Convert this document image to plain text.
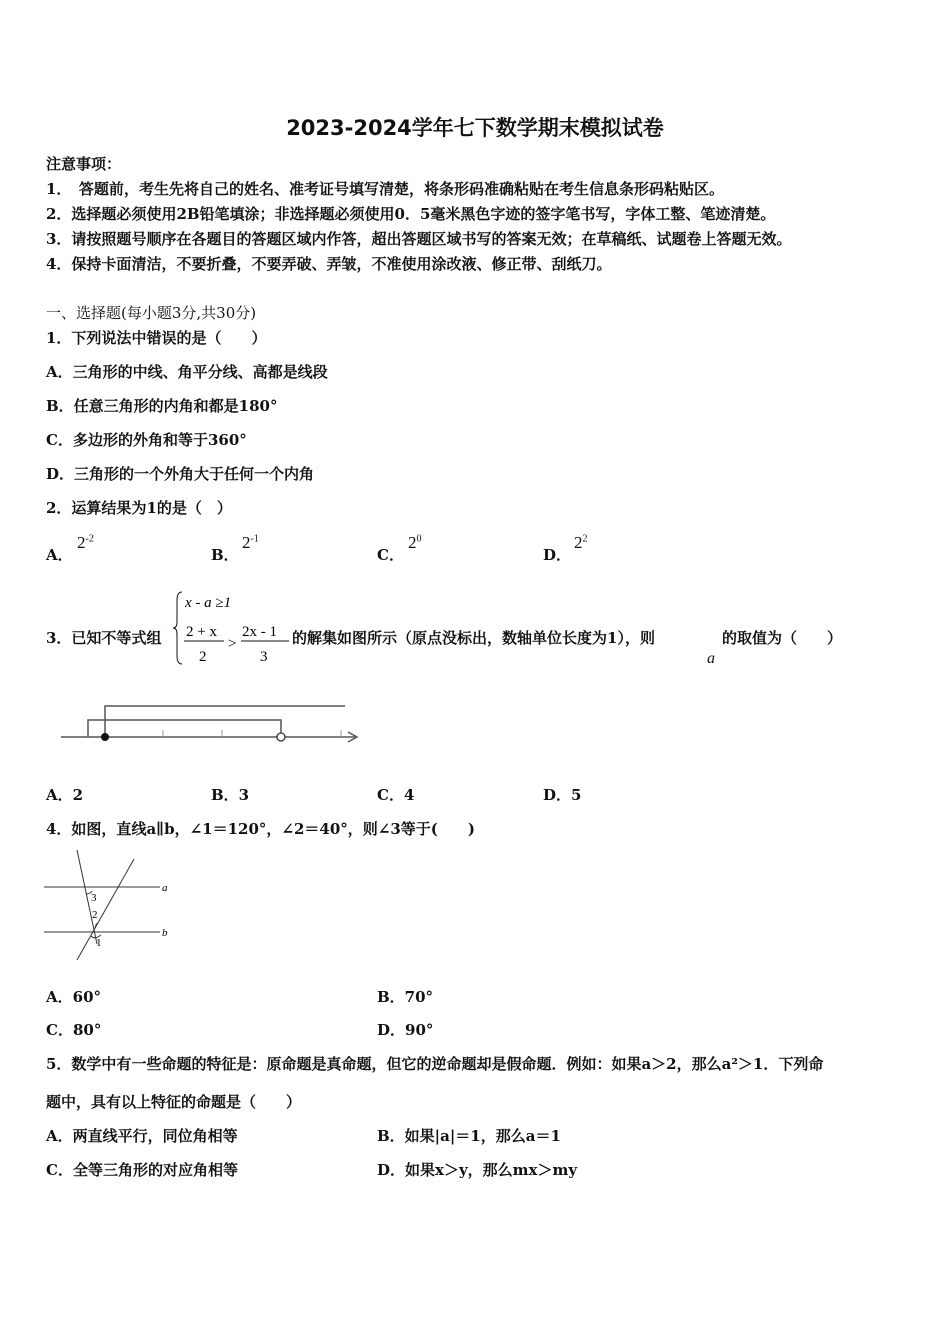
2023-2024学年七下数学期末模拟试卷
注意事项：
1．　答题前，考生先将自己的姓名、准考证号填写清楚，将条形码准确粘贴在考生信息条形码粘贴区。
2．选择题必须使用2B铅笔填涂；非选择题必须使用0．5毫米黑色字迹的签字笔书写，字体工整、笔迹清楚。
3．请按照题号顺序在各题目的答题区域内作答，超出答题区域书写的答案无效；在草稿纸、试题卷上答题无效。
4．保持卡面清洁，不要折叠，不要弄破、弄皱，不准使用涂改液、修正带、刮纸刀。
一、选择题(每小题3分,共30分)
1．下列说法中错误的是（　　）
A．三角形的中线、角平分线、高都是线段
B．任意三角形的内角和都是180°
C．多边形的外角和等于360°
D．三角形的一个外角大于任何一个内角
2．运算结果为1的是（　）
A．
$2^{-2}$
B．
$2^{-1}$
C．
$2^0$
D．
$2^2$
3．已知不等式组
x - a ≥1
2 + x
2
>
2x - 1
3
的解集如图所示（原点没标出，数轴单位长度为1），则
a
的取值为（　　）
A．2	B．3	C．4	D．5
4．如图，直线a∥b，∠1＝120°，∠2＝40°，则∠3等于(　　)
a
b
1
2
3
A．60°	B．70°
C．80°	D．90°
5．数学中有一些命题的特征是：原命题是真命题，但它的逆命题却是假命题．例如：如果a＞2，那么a²＞1．下列命
题中，具有以上特征的命题是（　　）
A．两直线平行，同位角相等	B．如果|a|＝1，那么a＝1
C．全等三角形的对应角相等	D．如果x＞y，那么mx＞my
